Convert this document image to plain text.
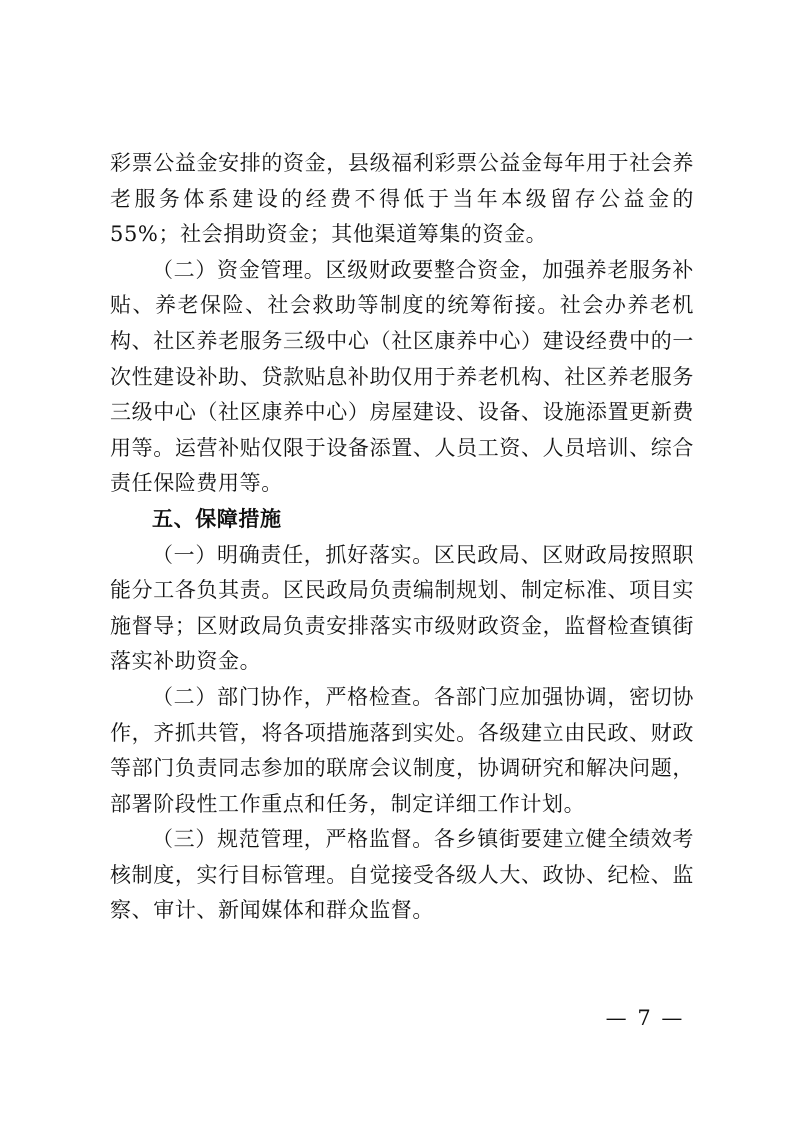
彩票公益金安排的资金，县级福利彩票公益金每年用于社会养老服务体系建设的经费不得低于当年本级留存公益金的55%；社会捐助资金；其他渠道筹集的资金。

（二）资金管理。区级财政要整合资金，加强养老服务补贴、养老保险、社会救助等制度的统筹衔接。社会办养老机构、社区养老服务三级中心（社区康养中心）建设经费中的一次性建设补助、贷款贴息补助仅用于养老机构、社区养老服务三级中心（社区康养中心）房屋建设、设备、设施添置更新费用等。运营补贴仅限于设备添置、人员工资、人员培训、综合责任保险费用等。

五、保障措施

（一）明确责任，抓好落实。区民政局、区财政局按照职能分工各负其责。区民政局负责编制规划、制定标准、项目实施督导；区财政局负责安排落实市级财政资金，监督检查镇街落实补助资金。

（二）部门协作，严格检查。各部门应加强协调，密切协作，齐抓共管，将各项措施落到实处。各级建立由民政、财政等部门负责同志参加的联席会议制度，协调研究和解决问题，部署阶段性工作重点和任务，制定详细工作计划。

（三）规范管理，严格监督。各乡镇街要建立健全绩效考核制度，实行目标管理。自觉接受各级人大、政协、纪检、监察、审计、新闻媒体和群众监督。

— 7 —
